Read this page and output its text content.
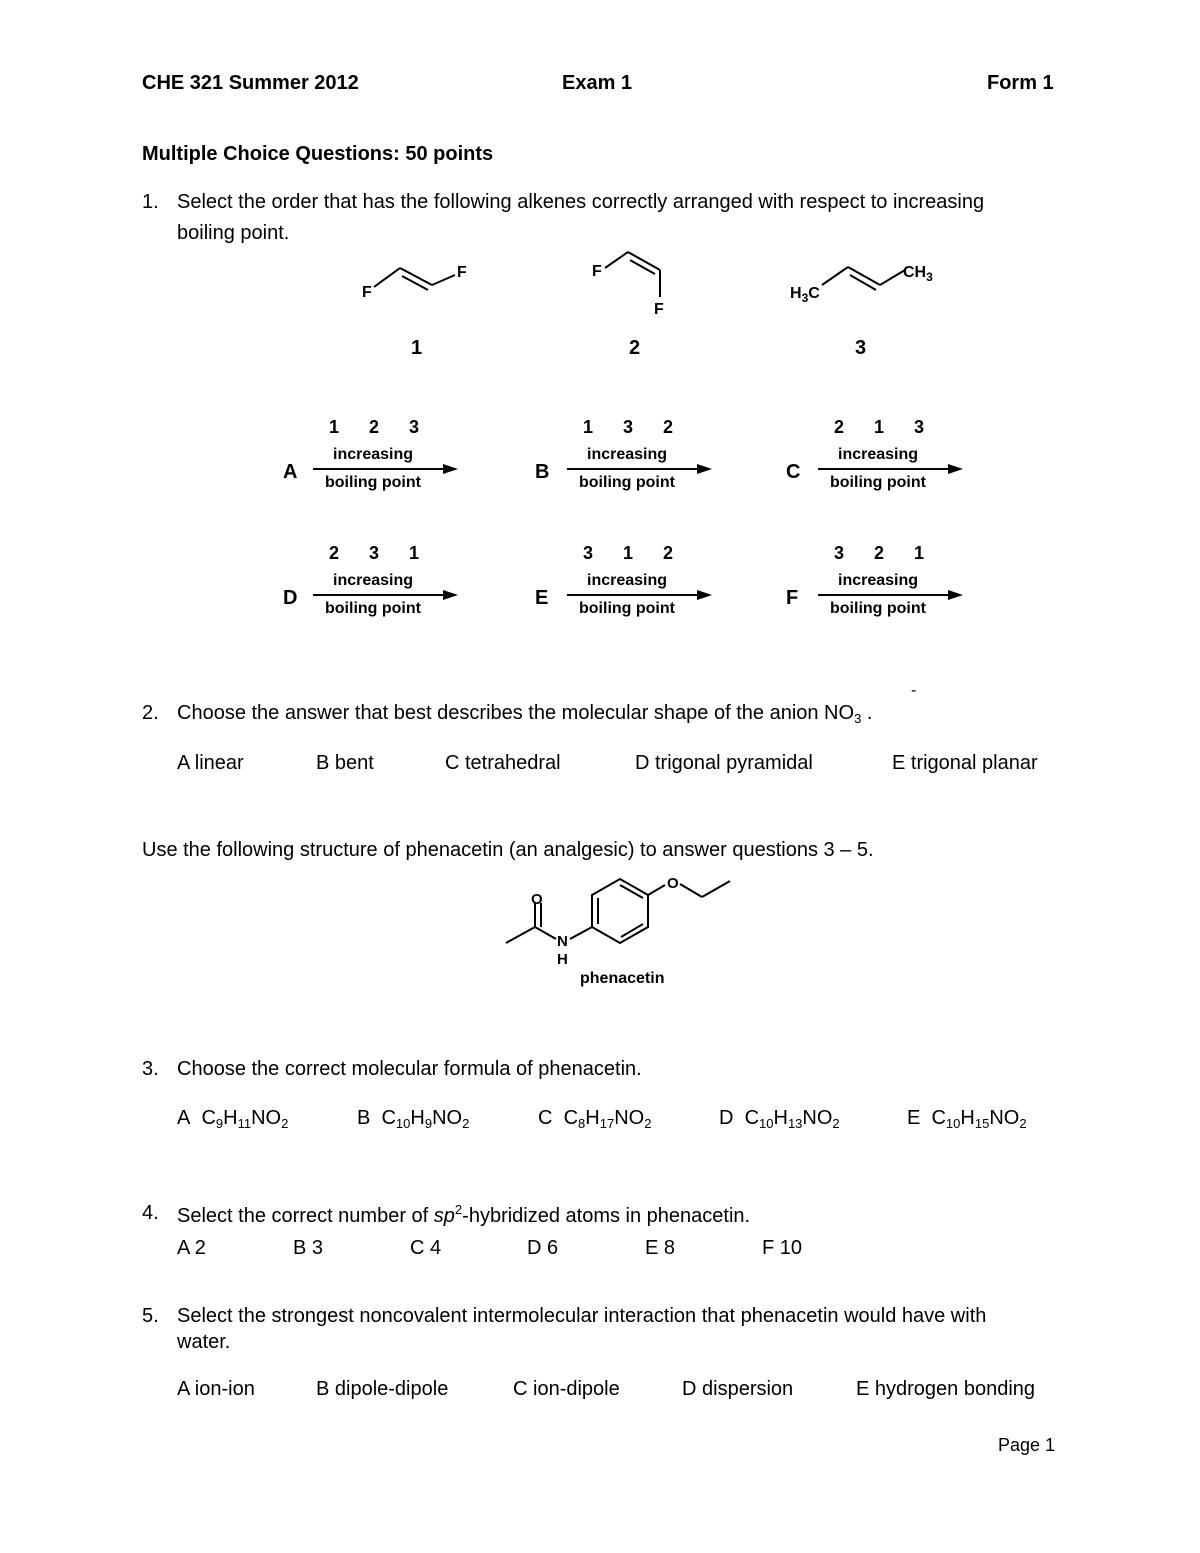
CHE 321 Summer 2012	Exam 1	Form 1
Multiple Choice Questions: 50 points
1. Select the order that has the following alkenes correctly arranged with respect to increasing
boiling point.
F
F	F
F
$H_3C$
$CH_3$
1	2	3
A
1 2 3
increasing
boiling point	B
1 3 2
increasing
boiling point	C
2 1 3
increasing
boiling point
D
2 3 1
increasing
boiling point	E
3 1 2
increasing
boiling point	F
3 2 1
increasing
boiling point
2. Choose the answer that best describes the molecular shape of the anion $NO_3$ .
-
A linear	B bent	C tetrahedral	D trigonal pyramidal	E trigonal planar
Use the following structure of phenacetin (an analgesic) to answer questions 3 – 5.
O
N
H
O
phenacetin
3. Choose the correct molecular formula of phenacetin.
A $C_9H_{11}NO_2$	B $C_{10}H_9NO_2$	C $C_8H_{17}NO_2$	D $C_{10}H_{13}NO_2$	E $C_{10}H_{15}NO_2$
4. Select the correct number of $sp^2$-hybridized atoms in phenacetin.
A 2	B 3	C 4	D 6	E 8	F 10
5. Select the strongest noncovalent intermolecular interaction that phenacetin would have with
water.
A ion-ion	B dipole-dipole	C ion-dipole	D dispersion	E hydrogen bonding
Page 1
